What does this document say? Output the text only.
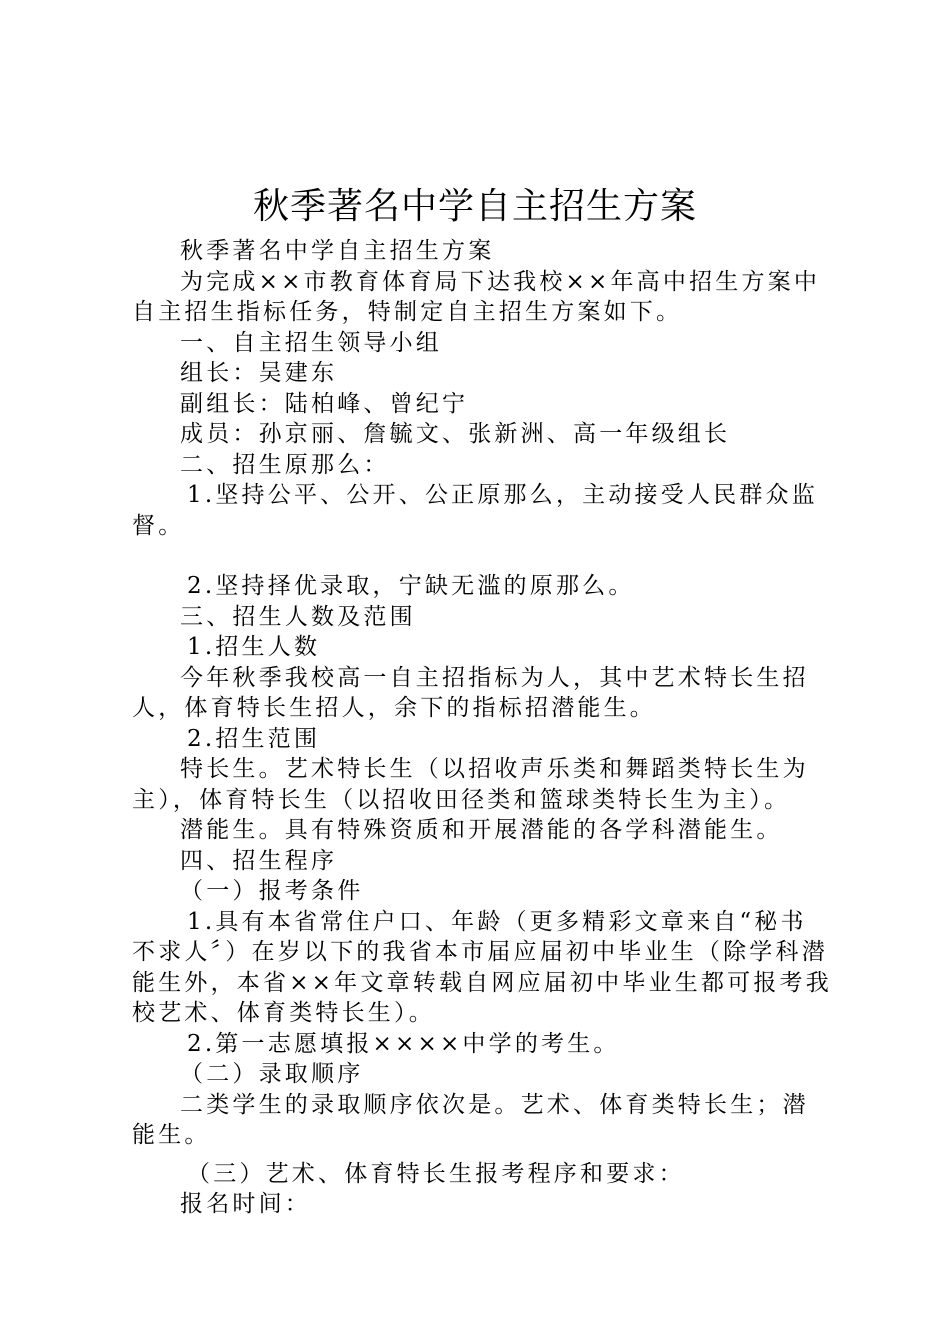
秋季著名中学自主招生方案

秋季著名中学自主招生方案

为完成××市教育体育局下达我校××年高中招生方案中自主招生指标任务，特制定自主招生方案如下。

一、自主招生领导小组

组长：吴建东

副组长：陆柏峰、曾纪宁

成员：孙京丽、詹毓文、张新洲、高一年级组长

二、招生原那么：

1.坚持公平、公开、公正原那么，主动接受人民群众监督。

2.坚持择优录取，宁缺无滥的原那么。

三、招生人数及范围

1.招生人数

今年秋季我校高一自主招指标为人，其中艺术特长生招人，体育特长生招人，余下的指标招潜能生。

2.招生范围

特长生。艺术特长生（以招收声乐类和舞蹈类特长生为主），体育特长生（以招收田径类和篮球类特长生为主）。

潜能生。具有特殊资质和开展潜能的各学科潜能生。

四、招生程序

（一）报考条件

1.具有本省常住户口、年龄（更多精彩文章来自“秘书不求人〞）在岁以下的我省本市届应届初中毕业生（除学科潜能生外，本省××年文章转载自网应届初中毕业生都可报考我校艺术、体育类特长生）。

2.第一志愿填报××××中学的考生。

（二）录取顺序

二类学生的录取顺序依次是。艺术、体育类特长生；潜能生。

（三）艺术、体育特长生报考程序和要求：

报名时间：
